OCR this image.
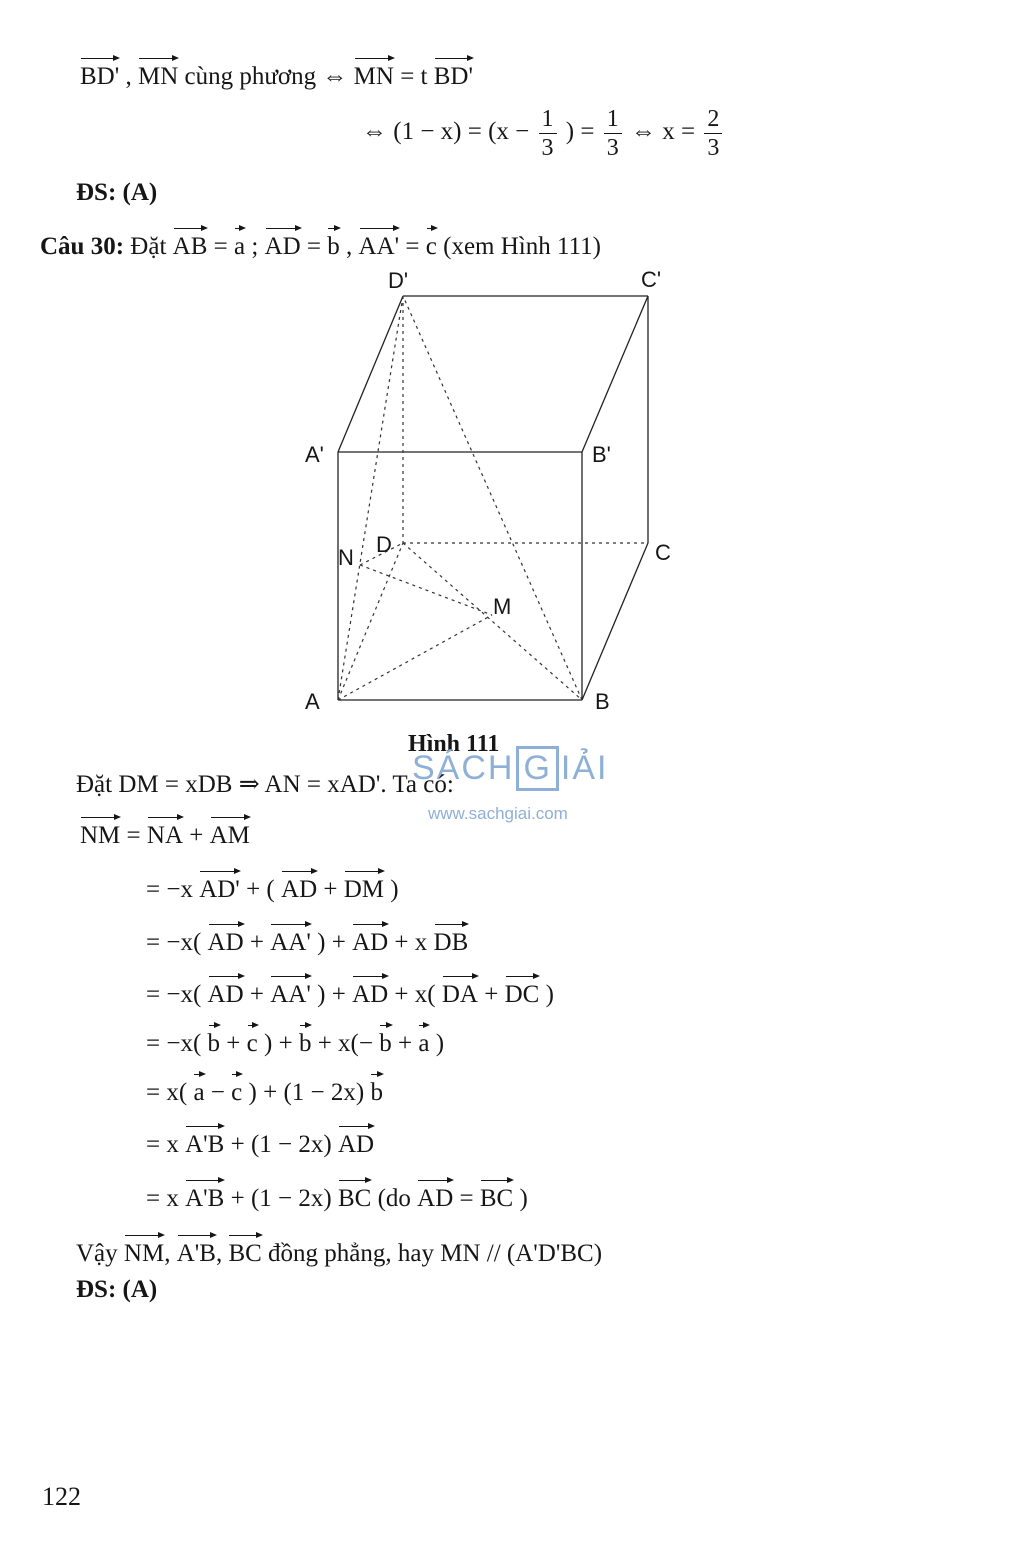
BD' , MN cùng phương ⇔ MN = t BD'
⇔ $(1 - x) = (x - \frac{1}{3}$ ) = $\frac{1}{3}$ ⇔ $x = \frac{2}{3}$
ĐS: (A)
Câu 30: Đặt AB = a ; AD = b , AA' = c (xem Hình 111)
D'	C'
A'	B'
D	C
N
M
A	B
Hình 111
SÁCH G IẢI
www.sachgiai.com
Đặt DM = xDB ⇒ AN = xAD'. Ta có:
NM = NA + AM
= −x AD' + ( AD + DM )
= −x( AD + AA' ) + AD + x DB
= −x( AD + AA' ) + AD + x( DA + DC )
= −x( b + c ) + b + x(− b + a )
= x( a − c ) + (1 − 2x) b
= x A'B + (1 − 2x) AD
= x A'B + (1 − 2x) BC (do AD = BC )
Vậy NM, A'B, BC đồng phẳng, hay MN // (A'D'BC)
ĐS: (A)
122
